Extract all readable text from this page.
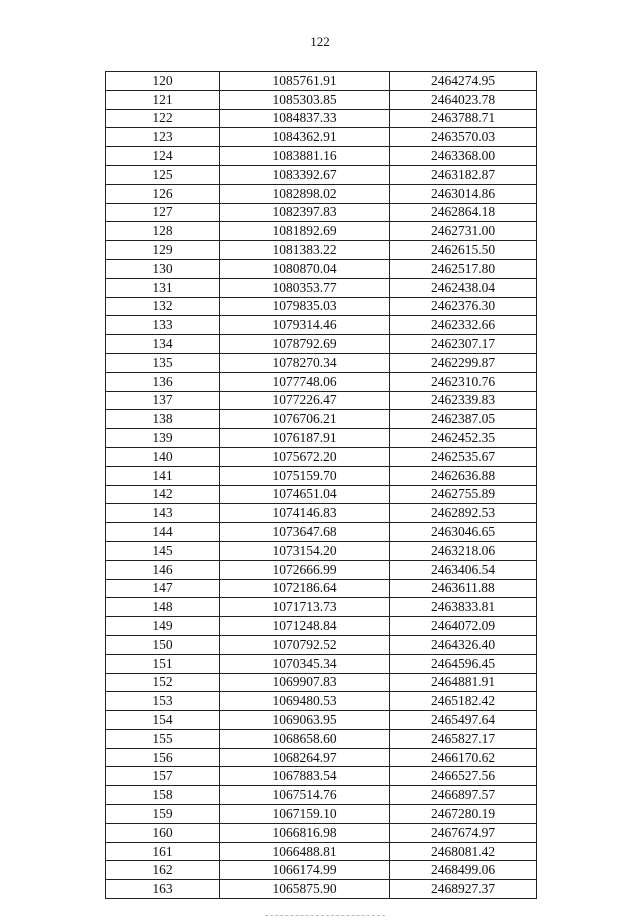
122
120	1085761.91	2464274.95
121	1085303.85	2464023.78
122	1084837.33	2463788.71
123	1084362.91	2463570.03
124	1083881.16	2463368.00
125	1083392.67	2463182.87
126	1082898.02	2463014.86
127	1082397.83	2462864.18
128	1081892.69	2462731.00
129	1081383.22	2462615.50
130	1080870.04	2462517.80
131	1080353.77	2462438.04
132	1079835.03	2462376.30
133	1079314.46	2462332.66
134	1078792.69	2462307.17
135	1078270.34	2462299.87
136	1077748.06	2462310.76
137	1077226.47	2462339.83
138	1076706.21	2462387.05
139	1076187.91	2462452.35
140	1075672.20	2462535.67
141	1075159.70	2462636.88
142	1074651.04	2462755.89
143	1074146.83	2462892.53
144	1073647.68	2463046.65
145	1073154.20	2463218.06
146	1072666.99	2463406.54
147	1072186.64	2463611.88
148	1071713.73	2463833.81
149	1071248.84	2464072.09
150	1070792.52	2464326.40
151	1070345.34	2464596.45
152	1069907.83	2464881.91
153	1069480.53	2465182.42
154	1069063.95	2465497.64
155	1068658.60	2465827.17
156	1068264.97	2466170.62
157	1067883.54	2466527.56
158	1067514.76	2466897.57
159	1067159.10	2467280.19
160	1066816.98	2467674.97
161	1066488.81	2468081.42
162	1066174.99	2468499.06
163	1065875.90	2468927.37
